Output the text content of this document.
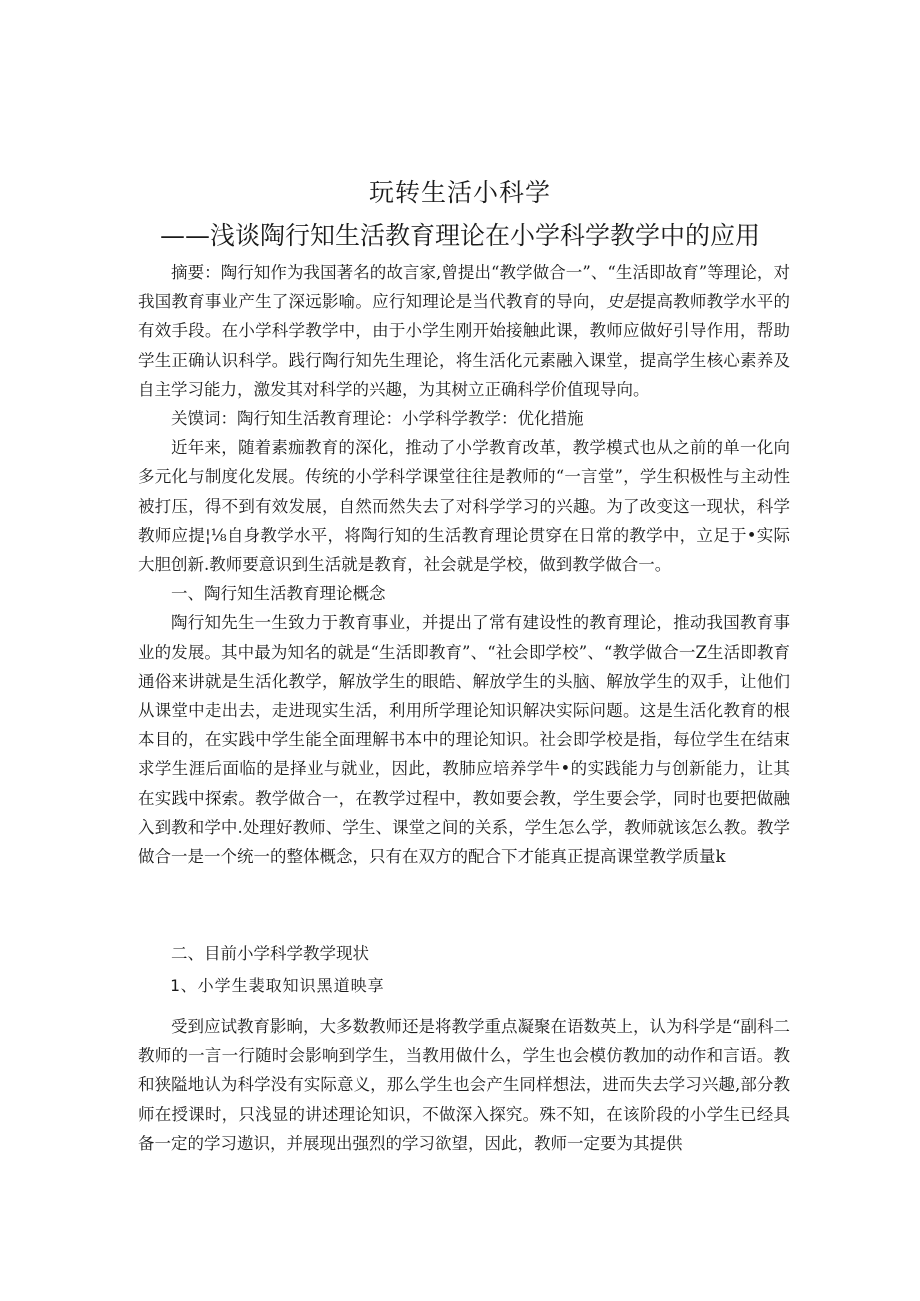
玩转生活小科学
——浅谈陶行知生活教育理论在小学科学教学中的应用

摘要：陶行知作为我国著名的故言家,曾提出“教学做合一”、“生活即故育”等理论，对我国教育事业产生了深远影喻。应行知理论是当代教育的导向，史是提高教师教学水平的有效手段。在小学科学教学中，由于小学生刚开始接触此课，教师应做好引导作用，帮助学生正确认识科学。践行陶行知先生理论，将生活化元素融入课堂，提高学生核心素养及自主学习能力，激发其对科学的兴趣，为其树立正确科学价值现导向。

关馍词：陶行知生活教育理论：小学科学教学：优化措施

近年来，随着素痂教育的深化，推动了小学教育改革，教学模式也从之前的单一化向多元化与制度化发展。传统的小学科学课堂往往是教师的“一言堂”，学生积极性与主动性被打压，得不到有效发展，自然而然失去了对科学学习的兴趣。为了改变这一现状，科学教师应提¦⅛自身教学水平，将陶行知的生活教育理论贯穿在日常的教学中，立足于•实际大胆创新.教师要意识到生活就是教育，社会就是学校，做到教学做合一。

一、陶行知生活教育理论概念

陶行知先生一生致力于教育事业，并提出了常有建设性的教育理论，推动我国教育事业的发展。其中最为知名的就是“生活即教育”、“社会即学校”、“教学做合一Z生活即教育通俗来讲就是生活化教学，解放学生的眼皓、解放学生的头脑、解放学生的双手，让他们从课堂中走出去，走进现实生活，利用所学理论知识解决实际问题。这是生活化教育的根本目的，在实践中学生能全面理解书本中的理论知识。社会即学校是指，每位学生在结束求学生涯后面临的是择业与就业，因此，教肺应培养学牛•的实践能力与创新能力，让其在实践中探索。教学做合一，在教学过程中，教如要会教，学生要会学，同时也要把做融入到教和学中.处理好教师、学生、课堂之间的关系，学生怎么学，教师就该怎么教。教学做合一是一个统一的整体概念，只有在双方的配合下才能真正提高课堂教学质量k

二、目前小学科学教学现状

1、小学生裴取知识黑道映享

受到应试教育影晌，大多数教师还是将教学重点凝聚在语数英上，认为科学是“副科二教师的一言一行随时会影响到学生，当教用做什么，学生也会模仿教加的动作和言语。教和狭隘地认为科学没有实际意义，那么学生也会产生同样想法，进而失去学习兴趣,部分教师在授课时，只浅显的讲述理论知识，不做深入探究。殊不知，在该阶段的小学生已经具备一定的学习遨识，并展现出强烈的学习欲望，因此，教师一定要为其提供
